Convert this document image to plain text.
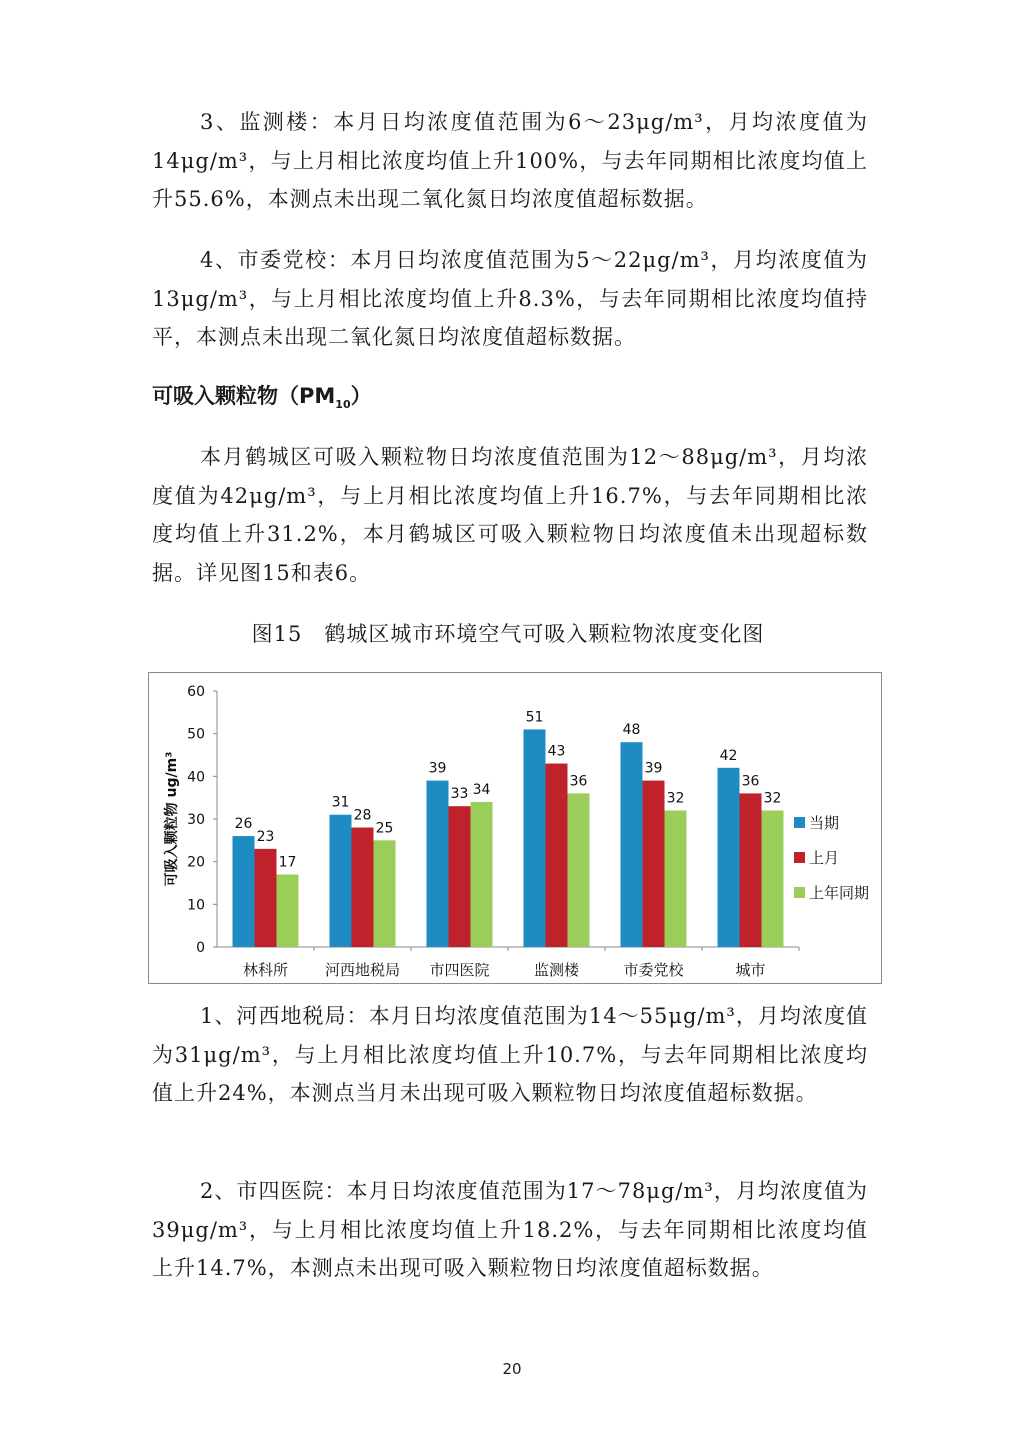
3、监测楼：本月日均浓度值范围为6～23μg/m³，月均浓度值为14μg/m³，与上月相比浓度均值上升100%，与去年同期相比浓度均值上升55.6%，本测点未出现二氧化氮日均浓度值超标数据。

4、市委党校：本月日均浓度值范围为5～22μg/m³，月均浓度值为13μg/m³，与上月相比浓度均值上升8.3%，与去年同期相比浓度均值持平，本测点未出现二氧化氮日均浓度值超标数据。

可吸入颗粒物$(PM_{10})$

本月鹤城区可吸入颗粒物日均浓度值范围为12～88μg/m³，月均浓度值为42μg/m³，与上月相比浓度均值上升16.7%，与去年同期相比浓度均值上升31.2%，本月鹤城区可吸入颗粒物日均浓度值未出现超标数据。详见图15和表6。

图15　鹤城区城市环境空气可吸入颗粒物浓度变化图

0
10
20
30
40
50
60
可吸入颗粒物 ug/m³	26
23
17
林科所
31
28
25
河西地税局
39
33 34
市四医院
51
43
36
监测楼
48
39
32
市委党校
42
36
32
城市
当期
上月
上年同期

1、河西地税局：本月日均浓度值范围为14～55μg/m³，月均浓度值为31μg/m³，与上月相比浓度均值上升10.7%，与去年同期相比浓度均值上升24%，本测点当月未出现可吸入颗粒物日均浓度值超标数据。

2、市四医院：本月日均浓度值范围为17～78μg/m³，月均浓度值为39μg/m³，与上月相比浓度均值上升18.2%，与去年同期相比浓度均值上升14.7%，本测点未出现可吸入颗粒物日均浓度值超标数据。

20
